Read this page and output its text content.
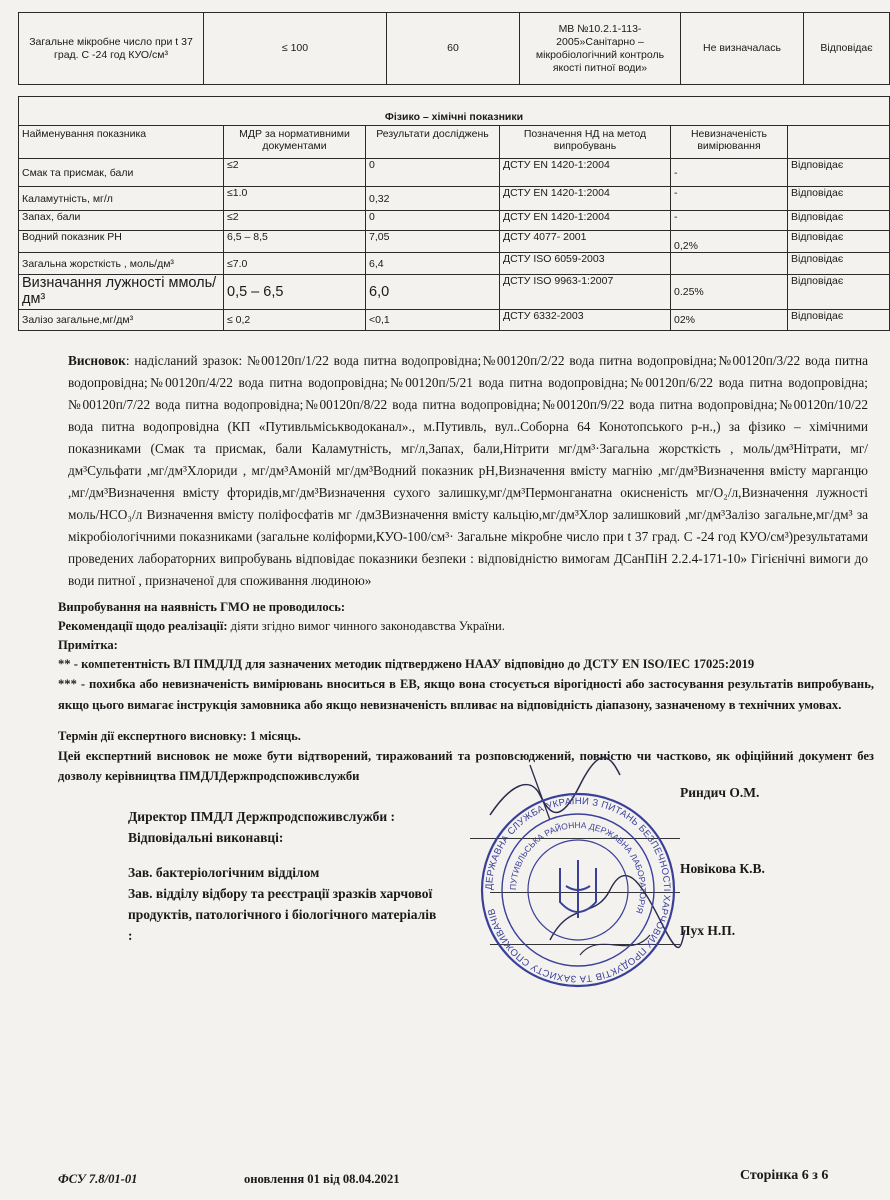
Загальне мікробне число при t 37 град. С -24 год КУО/см³	≤ 100	60	МВ №10.2.1-113-2005»Санітарно – мікробіологічний контроль якості питної води»	Не визначалась	Відповідає
Фізико – хімічні показники					
Найменування показника	МДР за нормативними документами	Результати досліджень	Позначення НД на метод випробувань	Невизначеність вимірювання	
Смак та присмак, бали	≤2	0	ДСТУ EN 1420-1:2004	-	Відповідає
Каламутність, мг/л	≤1.0	0,32	ДСТУ EN 1420-1:2004	-	Відповідає
Запах, бали	≤2	0	ДСТУ EN 1420-1:2004	-	Відповідає
Водний показник PH	6,5 – 8,5	7,05	ДСТУ 4077- 2001	0,2%	Відповідає
Загальна жорсткість , моль/дм³	≤7.0	6,4	ДСТУ ISO 6059-2003		Відповідає
Визначання лужності ммоль/дм³	0,5 – 6,5	6,0	ДСТУ ISO 9963-1:2007	0.25%	Відповідає
Залізо загальне,мг/дм³	≤ 0,2	<0,1	ДСТУ 6332-2003	02%	Відповідає
Висновок: надісланий зразок: №00120п/1/22 вода питна водопровідна;№00120п/2/22 вода питна водопровідна;№00120п/3/22 вода питна водопровідна;№00120п/4/22 вода питна водопровідна;№00120п/5/21 вода питна водопровідна;№00120п/6/22 вода питна водопровідна;№00120п/7/22 вода питна водопровідна;№00120п/8/22 вода питна водопровідна;№00120п/9/22 вода питна водопровідна;№00120п/10/22 вода питна водопровідна (КП «Путивльміськводоканал»., м.Путивль, вул..Соборна 64 Конотопського р-н.,) за фізико – хімічними показниками (Смак та присмак, бали Каламутність, мг/л,Запах, бали,Нітрити мг/дм³·Загальна жорсткість , моль/дм³Нітрати, мг/дм³Сульфати ,мг/дм³Хлориди , мг/дм³Амоній мг/дм³Водний показник рН,Визначення вмісту магнію ,мг/дм³Визначення вмісту марганцю ,мг/дм³Визначення вмісту фторидів,мг/дм³Визначення сухого залишку,мг/дм³Пермонганатна окисненість мг/О₂/л,Визначення лужності моль/НСО₃/л Визначення вмісту поліфосфатів мг /дм3Визначення вмісту кальцію,мг/дм³Хлор залишковий ,мг/дм³Залізо загальне,мг/дм³ за мікробіологічними показниками (загальне коліформи,КУО-100/см³· Загальне мікробне число при t 37 град. С -24 год КУО/см³)результатами проведених лабораторних випробувань відповідає показники безпеки : відповідністю вимогам ДСанПіН 2.2.4-171-10» Гігієнічні вимоги до води питної , призначеної для споживання людиною»
Випробування на наявність ГМО не проводилось:
Рекомендації щодо реалізації: діяти згідно вимог чинного законодавства України.
Примітка:
** - компетентність ВЛ ПМДЛД для зазначених методик підтверджено НААУ відповідно до ДСТУ EN ISO/IEC 17025:2019
*** - похибка або невизначеність вимірювань вноситься в ЕВ, якщо вона стосується вірогідності або застосування результатів випробувань, якщо цього вимагає інструкція замовника або якщо невизначеність впливає на відповідність діапазону, зазначеному в технічних умовах.
Термін дії експертного висновку: 1 місяць.
Цей експертний висновок не може бути відтворений, тиражований та розповсюджений, повністю чи частково, як офіційний документ без дозволу керівництва ПМДЛДержпродспоживслужби
Директор ПМДЛ Держпродспоживслужби :
Відповідальні виконавці:
Зав. бактеріологічним відділом
Зав. відділу відбору та реєстрації зразків харчової
продуктів, патологічного і біологічного матеріалів
:
Риндич О.М.
Новікова К.В.
Пух Н.П.
ДЕРЖАВНА СЛУЖБА УКРАЇНИ З ПИТАНЬ БЕЗПЕЧНОСТІ ХАРЧОВИХ ПРОДУКТІВ ТА ЗАХИСТУ СПОЖИВАЧІВ
ПУТИВЛЬСЬКА РАЙОННА ДЕРЖАВНА ЛАБОРАТОРІЯ
ФСУ 7.8/01-01	оновлення 01 від 08.04.2021	Сторінка 6 з 6
